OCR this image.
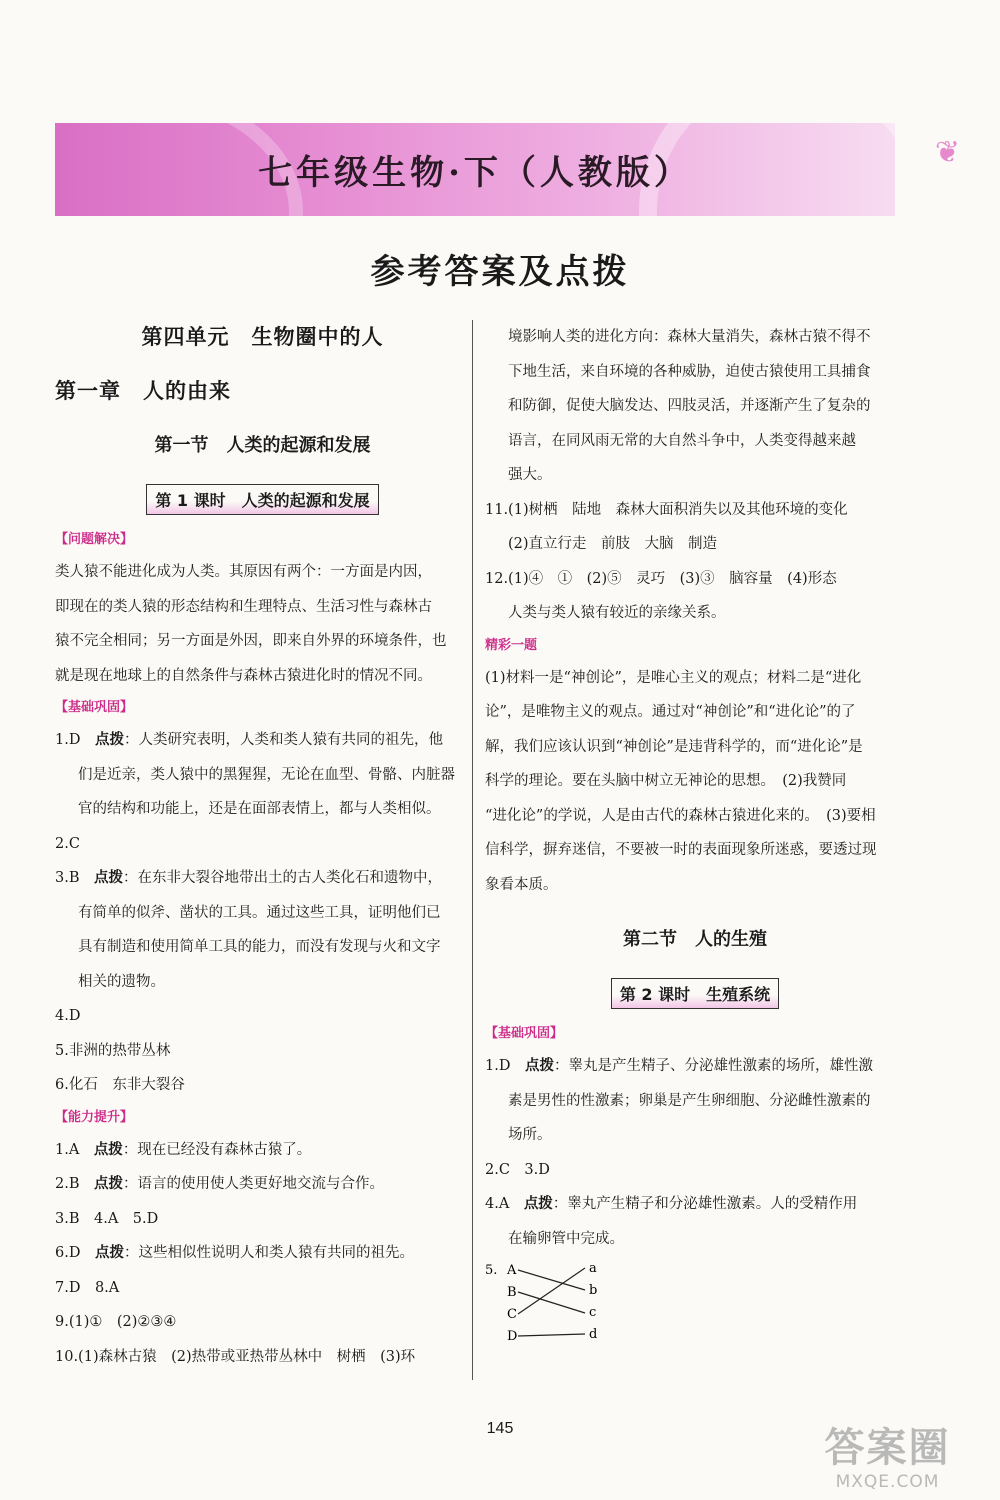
七年级生物·下（人教版）
❦
参考答案及点拨
第四单元　生物圈中的人
第一章　人的由来
第一节　人类的起源和发展
第 1 课时　人类的起源和发展
【问题解决】
类人猿不能进化成为人类。其原因有两个：一方面是内因，
即现在的类人猿的形态结构和生理特点、生活习性与森林古
猿不完全相同；另一方面是外因，即来自外界的环境条件，也
就是现在地球上的自然条件与森林古猿进化时的情况不同。
【基础巩固】
1.D　点拨：人类研究表明，人类和类人猿有共同的祖先，他
们是近亲，类人猿中的黑猩猩，无论在血型、骨骼、内脏器
官的结构和功能上，还是在面部表情上，都与人类相似。
2.C
3.B　点拨：在东非大裂谷地带出土的古人类化石和遗物中，
有简单的似斧、凿状的工具。通过这些工具，证明他们已
具有制造和使用简单工具的能力，而没有发现与火和文字
相关的遗物。
4.D
5.非洲的热带丛林
6.化石　东非大裂谷
【能力提升】
1.A　点拨：现在已经没有森林古猿了。
2.B　点拨：语言的使用使人类更好地交流与合作。
3.B　4.A　5.D
6.D　点拨：这些相似性说明人和类人猿有共同的祖先。
7.D　8.A
9.(1)①　(2)②③④
10.(1)森林古猿　(2)热带或亚热带丛林中　树栖　(3)环
境影响人类的进化方向：森林大量消失，森林古猿不得不
下地生活，来自环境的各种威胁，迫使古猿使用工具捕食
和防御，促使大脑发达、四肢灵活，并逐渐产生了复杂的
语言，在同风雨无常的大自然斗争中，人类变得越来越
强大。
11.(1)树栖　陆地　森林大面积消失以及其他环境的变化
(2)直立行走　前肢　大脑　制造
12.(1)④　①　(2)⑤　灵巧　(3)③　脑容量　(4)形态
人类与类人猿有较近的亲缘关系。
精彩一题
(1)材料一是“神创论”，是唯心主义的观点；材料二是“进化
论”，是唯物主义的观点。通过对“神创论”和“进化论”的了
解，我们应该认识到“神创论”是违背科学的，而“进化论”是
科学的理论。要在头脑中树立无神论的思想。　(2)我赞同
“进化论”的学说，人是由古代的森林古猿进化来的。　(3)要相
信科学，摒弃迷信，不要被一时的表面现象所迷惑，要透过现
象看本质。
第二节　人的生殖
第 2 课时　生殖系统
【基础巩固】
1.D　点拨：睾丸是产生精子、分泌雄性激素的场所，雄性激
素是男性的性激素；卵巢是产生卵细胞、分泌雌性激素的
场所。
2.C　3.D
4.A　点拨：睾丸产生精子和分泌雄性激素。人的受精作用
在输卵管中完成。
5. A
B
C
D
a
b
c
d
145	答案圈
MXQE.COM
